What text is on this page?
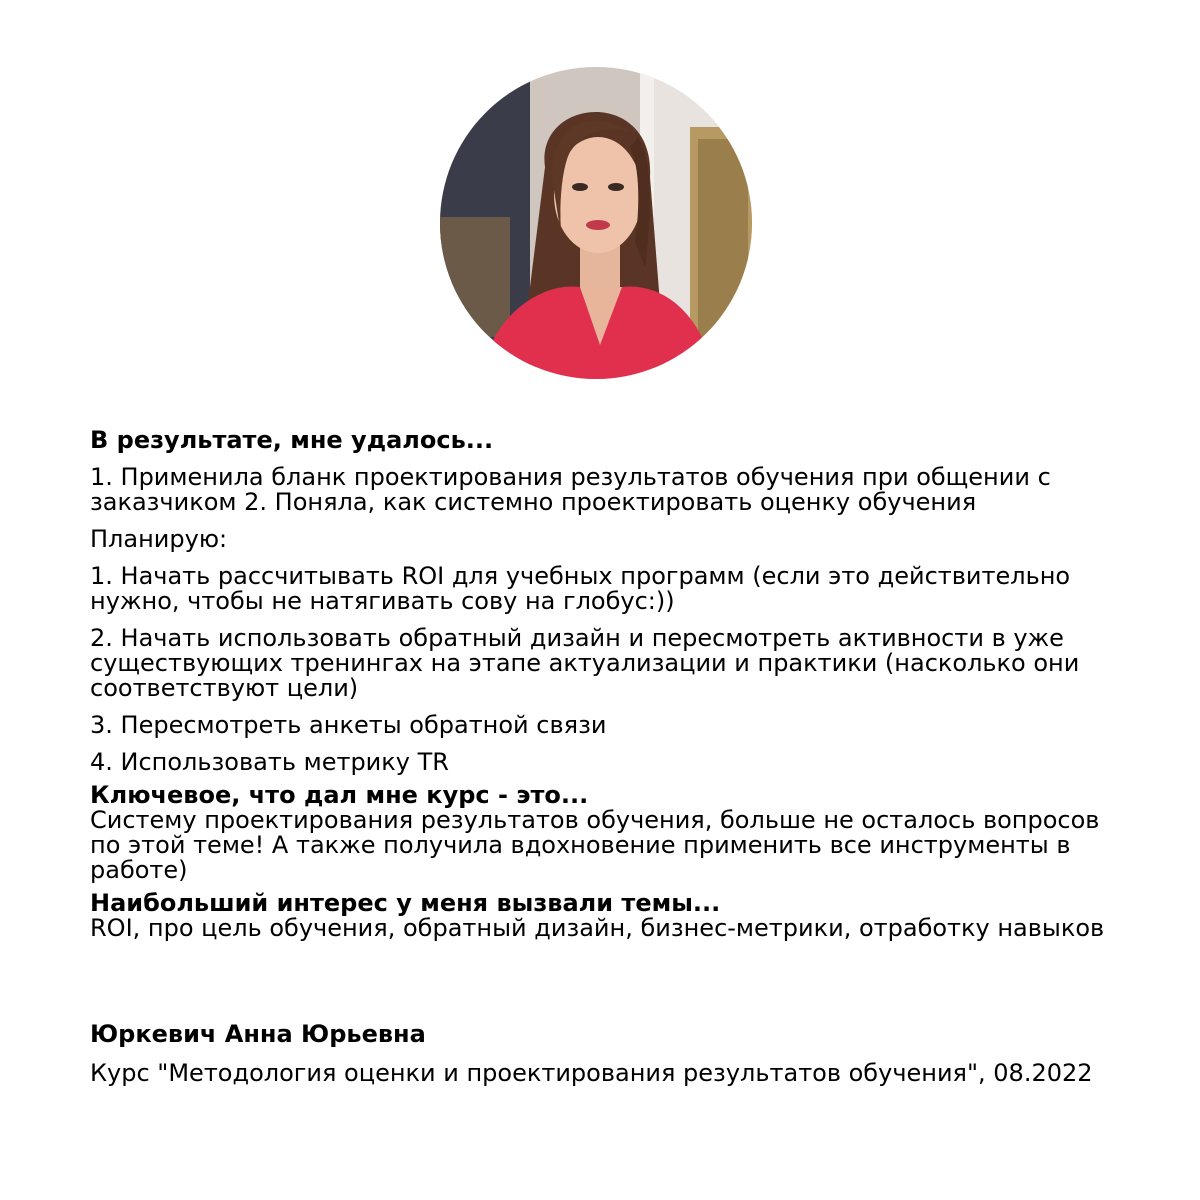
В результате, мне удалось...

1. Применила бланк проектирования результатов обучения при общении с заказчиком 2. Поняла, как системно проектировать оценку обучения

Планирую:

1. Начать рассчитывать ROI для учебных программ (если это действительно нужно, чтобы не натягивать сову на глобус:))

2. Начать использовать обратный дизайн и пересмотреть активности в уже существующих тренингах на этапе актуализации и практики (насколько они соответствуют цели)

3. Пересмотреть анкеты обратной связи

4. Использовать метрику TR

Ключевое, что дал мне курс - это...

Систему проектирования результатов обучения, больше не осталось вопросов по этой теме! А также получила вдохновение применить все инструменты в работе)

Наибольший интерес у меня вызвали темы...

ROI, про цель обучения, обратный дизайн, бизнес-метрики, отработку навыков

Юркевич Анна Юрьевна

Курс "Методология оценки и проектирования результатов обучения", 08.2022
